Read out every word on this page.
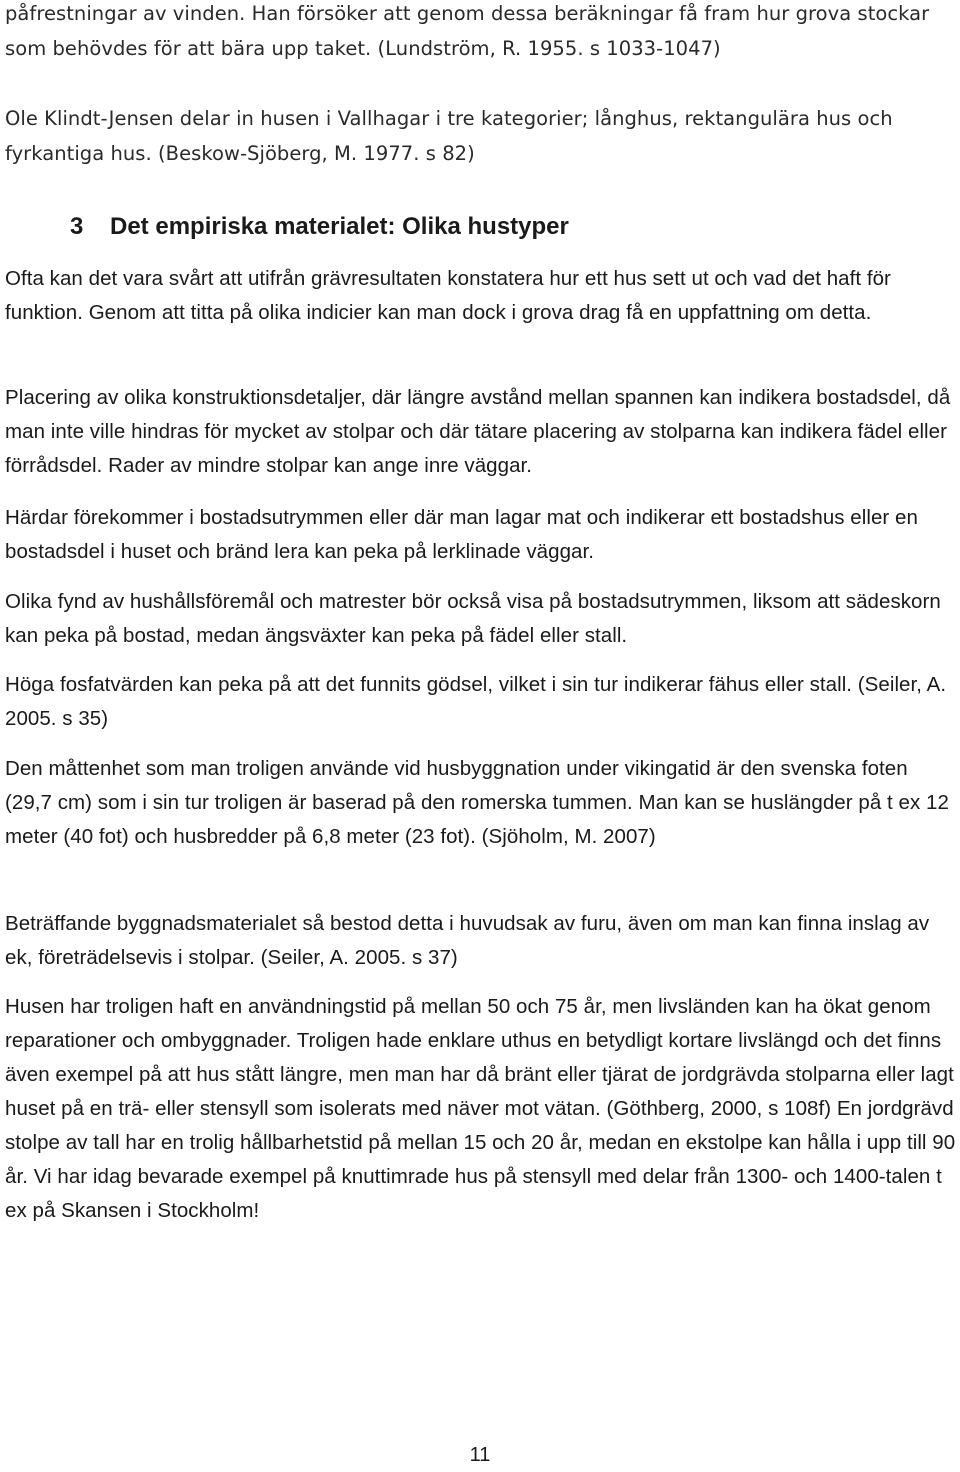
påfrestningar av vinden. Han försöker att genom dessa beräkningar få fram hur grova stockar som behövdes för att bära upp taket. (Lundström, R. 1955. s 1033-1047)

Ole Klindt-Jensen delar in husen i Vallhagar i tre kategorier; långhus, rektangulära hus och fyrkantiga hus. (Beskow-Sjöberg, M. 1977. s 82)

3 Det empiriska materialet: Olika hustyper

Ofta kan det vara svårt att utifrån grävresultaten konstatera hur ett hus sett ut och vad det haft för funktion. Genom att titta på olika indicier kan man dock i grova drag få en uppfattning om detta.

Placering av olika konstruktionsdetaljer, där längre avstånd mellan spannen kan indikera bostadsdel, då man inte ville hindras för mycket av stolpar och där tätare placering av stolparna kan indikera fädel eller förrådsdel. Rader av mindre stolpar kan ange inre väggar.

Härdar förekommer i bostadsutrymmen eller där man lagar mat och indikerar ett bostadshus eller en bostadsdel i huset och bränd lera kan peka på lerklinade väggar.

Olika fynd av hushållsföremål och matrester bör också visa på bostadsutrymmen, liksom att sädeskorn kan peka på bostad, medan ängsväxter kan peka på fädel eller stall.

Höga fosfatvärden kan peka på att det funnits gödsel, vilket i sin tur indikerar fähus eller stall. (Seiler, A. 2005. s 35)

Den måttenhet som man troligen använde vid husbyggnation under vikingatid är den svenska foten (29,7 cm) som i sin tur troligen är baserad på den romerska tummen. Man kan se huslängder på t ex 12 meter (40 fot) och husbredder på 6,8 meter (23 fot). (Sjöholm, M. 2007)

Beträffande byggnadsmaterialet så bestod detta i huvudsak av furu, även om man kan finna inslag av ek, företrädelsevis i stolpar. (Seiler, A. 2005. s 37)

Husen har troligen haft en användningstid på mellan 50 och 75 år, men livsländen kan ha ökat genom reparationer och ombyggnader. Troligen hade enklare uthus en betydligt kortare livslängd och det finns även exempel på att hus stått längre, men man har då bränt eller tjärat de jordgrävda stolparna eller lagt huset på en trä- eller stensyll som isolerats med näver mot vätan. (Göthberg, 2000, s 108f) En jordgrävd stolpe av tall har en trolig hållbarhetstid på mellan 15 och 20 år, medan en ekstolpe kan hålla i upp till 90 år. Vi har idag bevarade exempel på knuttimrade hus på stensyll med delar från 1300- och 1400-talen t ex på Skansen i Stockholm!

11
